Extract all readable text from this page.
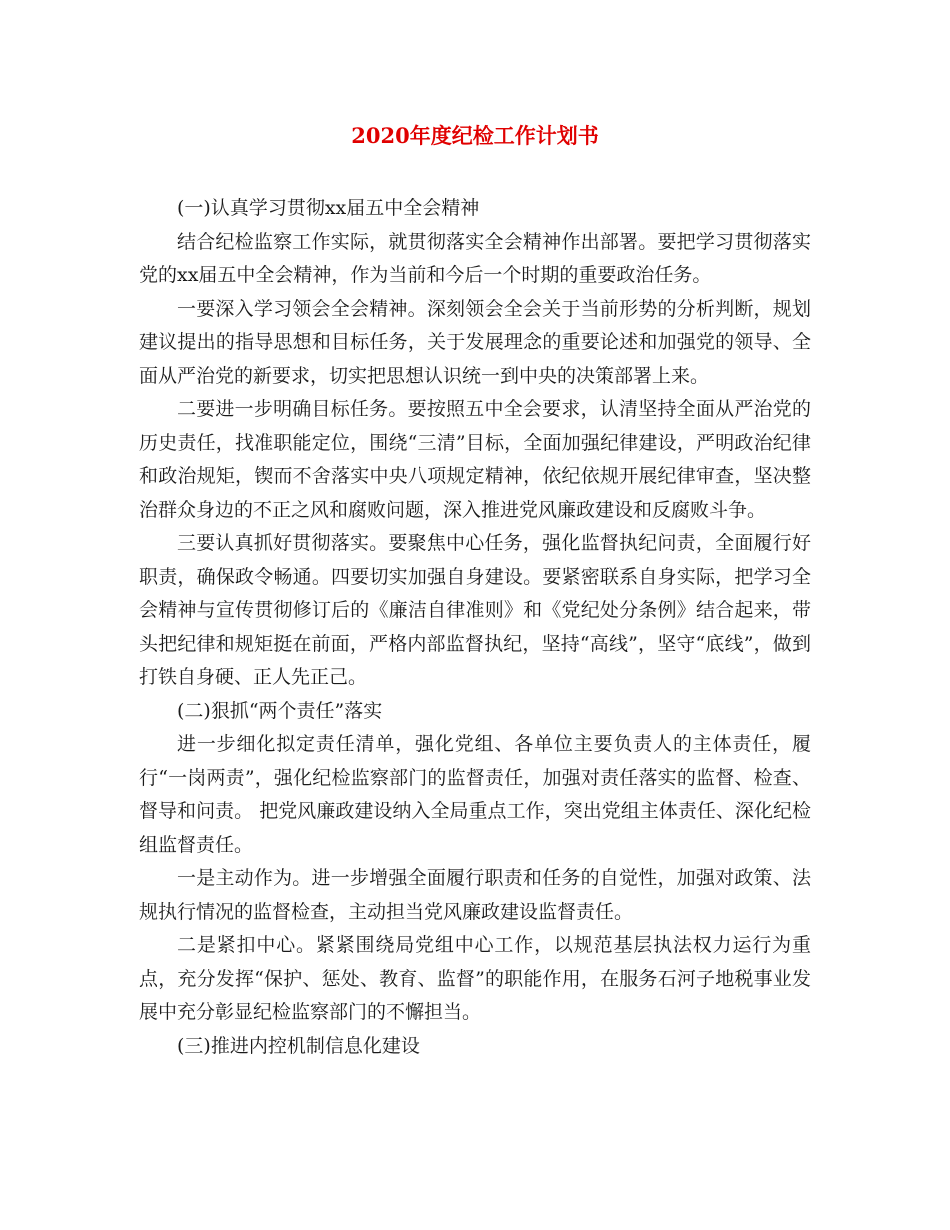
2020年度纪检工作计划书

(一)认真学习贯彻xx届五中全会精神

结合纪检监察工作实际，就贯彻落实全会精神作出部署。要把学习贯彻落实党的xx届五中全会精神，作为当前和今后一个时期的重要政治任务。

一要深入学习领会全会精神。深刻领会全会关于当前形势的分析判断，规划建议提出的指导思想和目标任务，关于发展理念的重要论述和加强党的领导、全面从严治党的新要求，切实把思想认识统一到中央的决策部署上来。

二要进一步明确目标任务。要按照五中全会要求，认清坚持全面从严治党的历史责任，找准职能定位，围绕“三清”目标，全面加强纪律建设，严明政治纪律和政治规矩，锲而不舍落实中央八项规定精神，依纪依规开展纪律审查，坚决整治群众身边的不正之风和腐败问题，深入推进党风廉政建设和反腐败斗争。

三要认真抓好贯彻落实。要聚焦中心任务，强化监督执纪问责，全面履行好职责，确保政令畅通。四要切实加强自身建设。要紧密联系自身实际，把学习全会精神与宣传贯彻修订后的《廉洁自律准则》和《党纪处分条例》结合起来，带头把纪律和规矩挺在前面，严格内部监督执纪，坚持“高线”，坚守“底线”，做到打铁自身硬、正人先正己。

(二)狠抓“两个责任”落实

进一步细化拟定责任清单，强化党组、各单位主要负责人的主体责任，履行“一岗两责”，强化纪检监察部门的监督责任，加强对责任落实的监督、检查、督导和问责。 把党风廉政建设纳入全局重点工作，突出党组主体责任、深化纪检组监督责任。

一是主动作为。进一步增强全面履行职责和任务的自觉性，加强对政策、法规执行情况的监督检查，主动担当党风廉政建设监督责任。

二是紧扣中心。紧紧围绕局党组中心工作，以规范基层执法权力运行为重点，充分发挥“保护、惩处、教育、监督”的职能作用，在服务石河子地税事业发展中充分彰显纪检监察部门的不懈担当。

(三)推进内控机制信息化建设
